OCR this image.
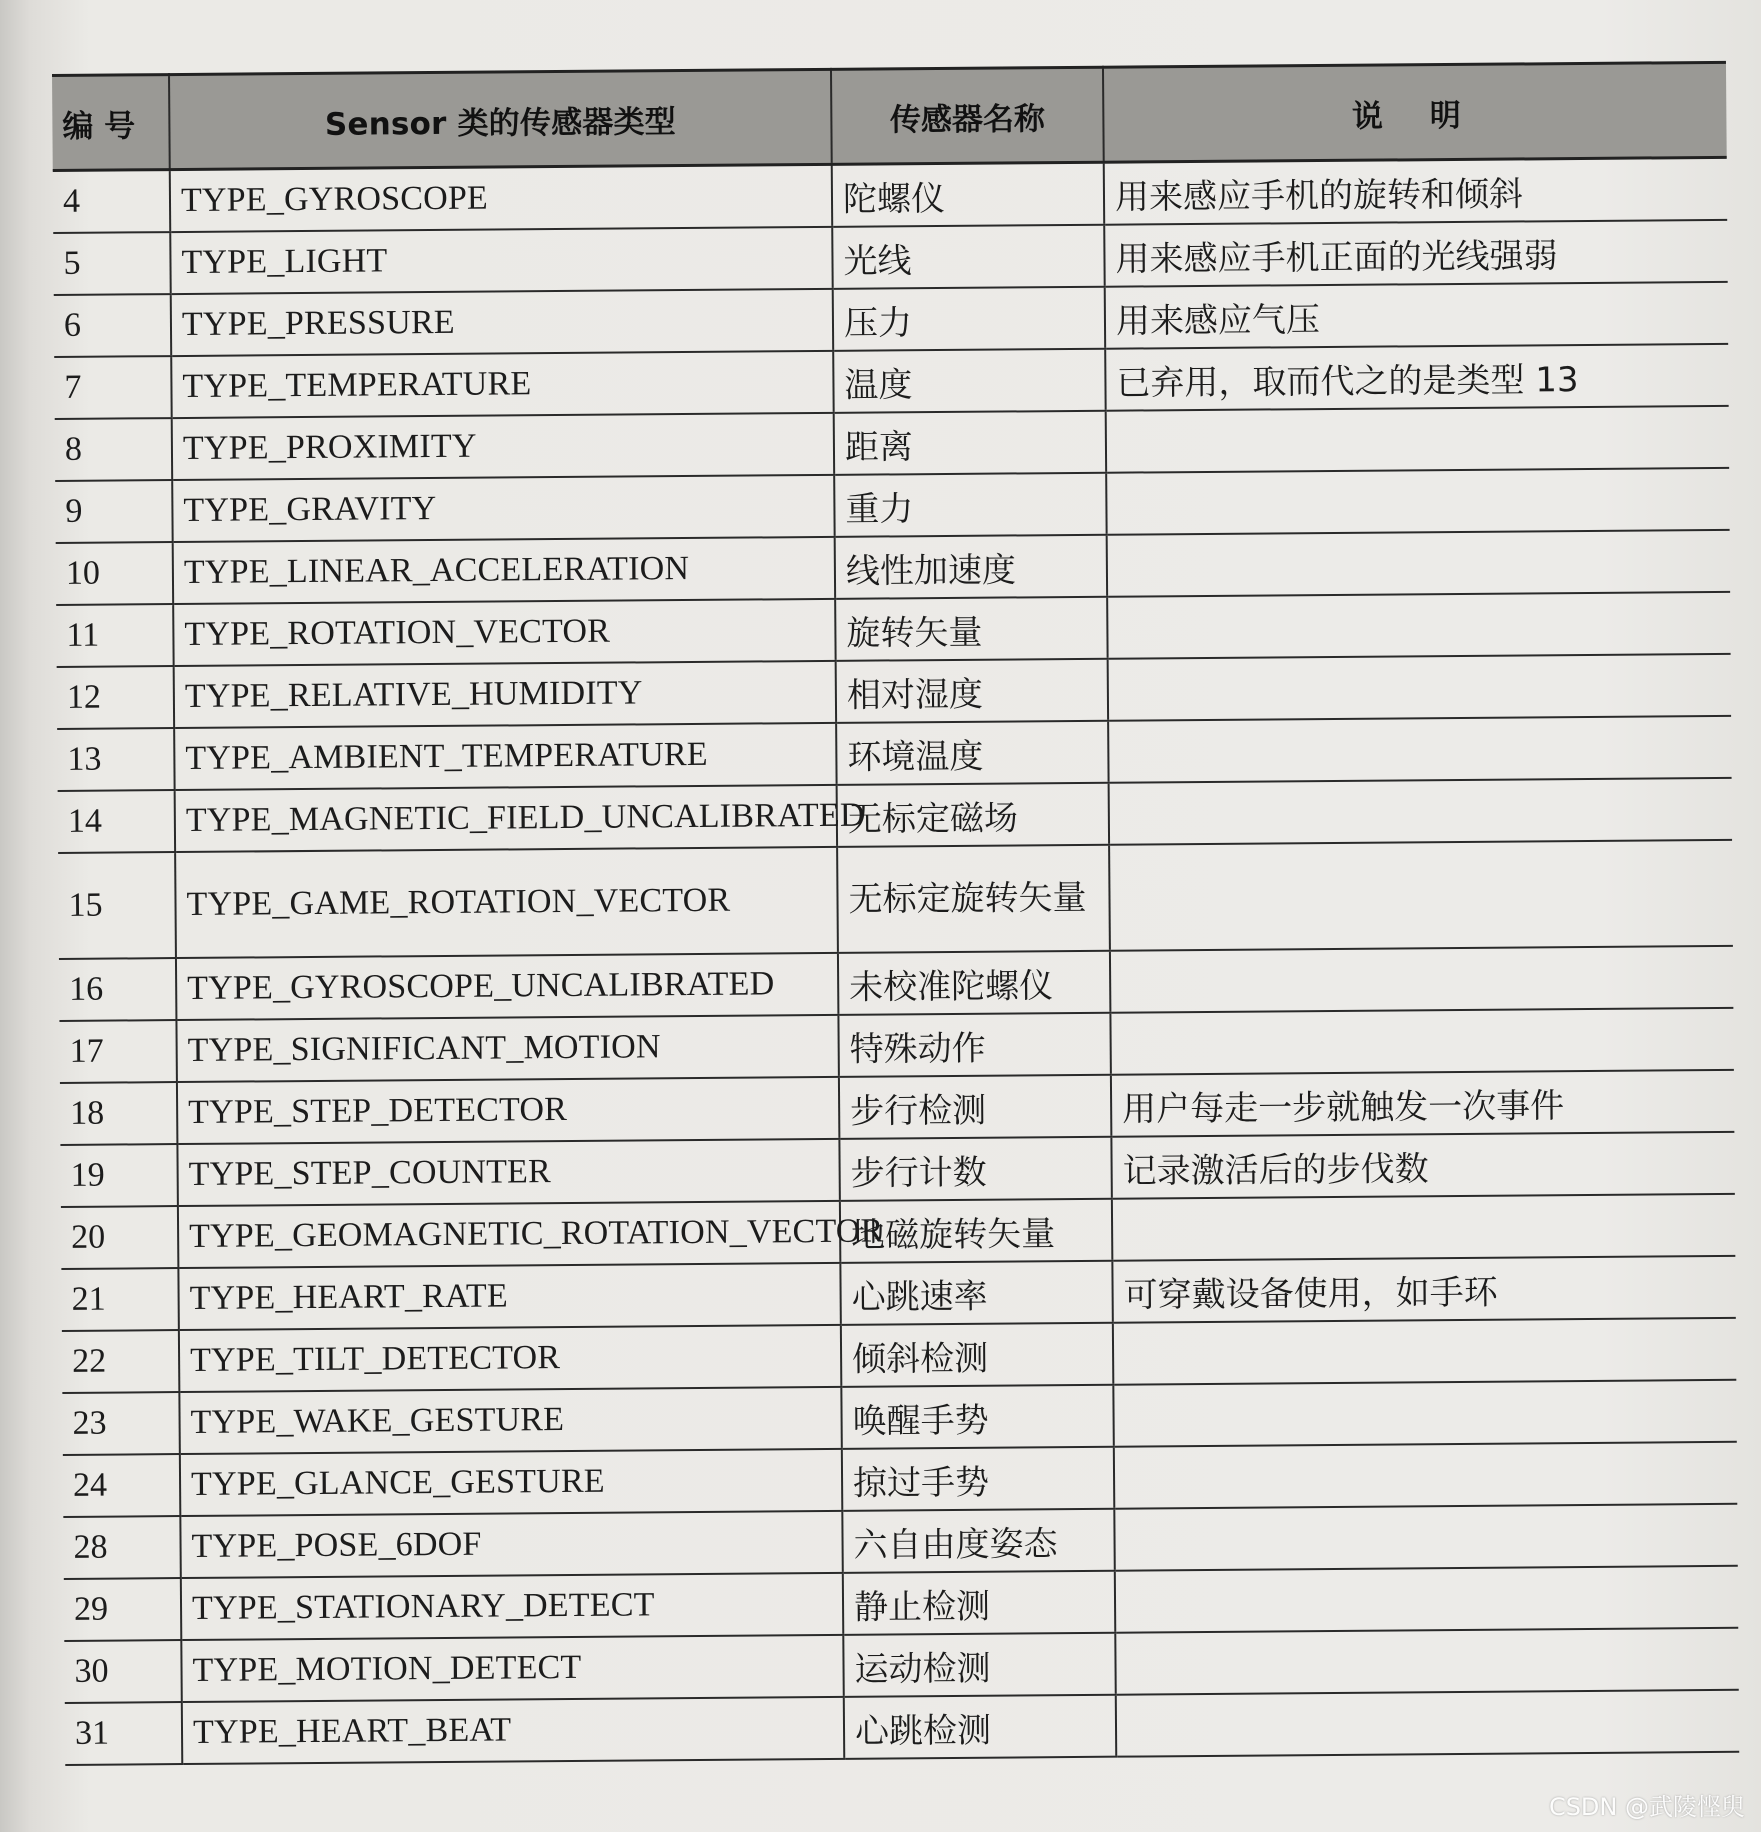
编 号	Sensor 类的传感器类型	传感器名称	说 明
4	TYPE_GYROSCOPE	陀螺仪	用来感应手机的旋转和倾斜
5	TYPE_LIGHT	光线	用来感应手机正面的光线强弱
6	TYPE_PRESSURE	压力	用来感应气压
7	TYPE_TEMPERATURE	温度	已弃用，取而代之的是类型 13
8	TYPE_PROXIMITY	距离	
9	TYPE_GRAVITY	重力	
10	TYPE_LINEAR_ACCELERATION	线性加速度	
11	TYPE_ROTATION_VECTOR	旋转矢量	
12	TYPE_RELATIVE_HUMIDITY	相对湿度	
13	TYPE_AMBIENT_TEMPERATURE	环境温度	
14	TYPE_MAGNETIC_FIELD_UNCALIBRATED	无标定磁场	
15	TYPE_GAME_ROTATION_VECTOR	无标定旋转矢量	
16	TYPE_GYROSCOPE_UNCALIBRATED	未校准陀螺仪	
17	TYPE_SIGNIFICANT_MOTION	特殊动作	
18	TYPE_STEP_DETECTOR	步行检测	用户每走一步就触发一次事件
19	TYPE_STEP_COUNTER	步行计数	记录激活后的步伐数
20	TYPE_GEOMAGNETIC_ROTATION_VECTOR	地磁旋转矢量	
21	TYPE_HEART_RATE	心跳速率	可穿戴设备使用，如手环
22	TYPE_TILT_DETECTOR	倾斜检测	
23	TYPE_WAKE_GESTURE	唤醒手势	
24	TYPE_GLANCE_GESTURE	掠过手势	
28	TYPE_POSE_6DOF	六自由度姿态	
29	TYPE_STATIONARY_DETECT	静止检测	
30	TYPE_MOTION_DETECT	运动检测	
31	TYPE_HEART_BEAT	心跳检测	
CSDN @武陵悭臾
